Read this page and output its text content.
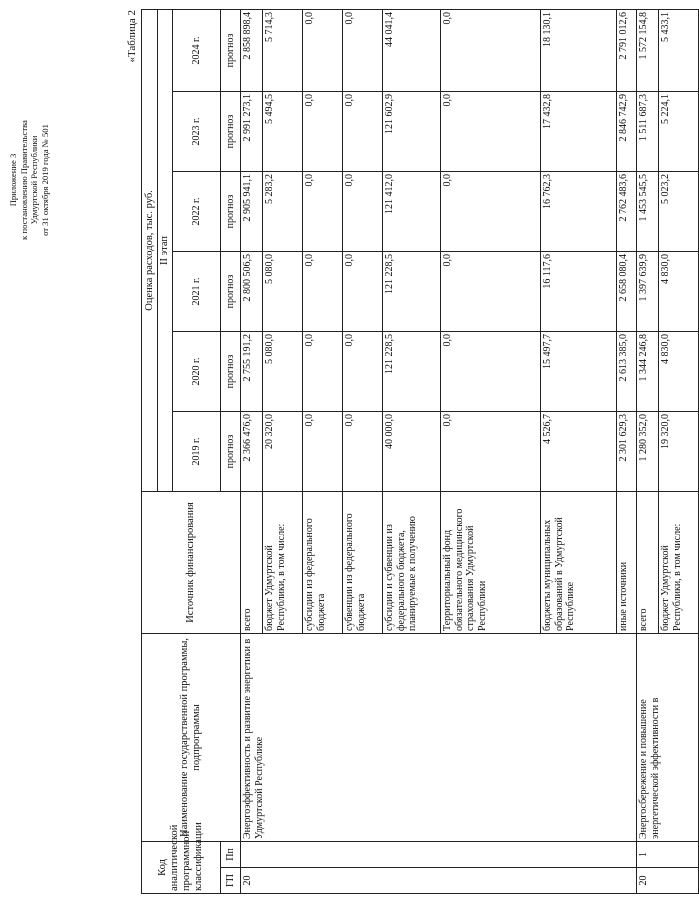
Приложение 3 к постановлению Правительства Удмуртской Республики от 31 октября 2019 года № 501
«Таблица 2
Код аналитической программной классификации		Наименование государственной программы, подпрограммы	Источник финансирования	Оценка расходов, тыс. руб.					
				II этап					
				2019 г.	2020 г.	2021 г.	2022 г.	2023 г.	2024 г.
ГП	Пп			прогноз	прогноз	прогноз	прогноз	прогноз	прогноз
20		Энергоэффективность и развитие энергетики в Удмуртской Республике	всего	2 366 476,0	2 755 191,2	2 800 506,5	2 905 941,1	2 991 273,1	2 858 898,4
			бюджет Удмуртской Республики, в том числе:	20 320,0	5 080,0	5 080,0	5 283,2	5 494,5	5 714,3
			субсидии из федерального бюджета	0,0	0,0	0,0	0,0	0,0	0,0
			субвенции из федерального бюджета	0,0	0,0	0,0	0,0	0,0	0,0
			субсидии и субвенции из федерального бюджета, планируемые к получению	40 000,0	121 228,5	121 228,5	121 412,0	121 602,9	44 041,4
			Территориальный фонд обязательного медицинского страхования Удмуртской Республики	0,0	0,0	0,0	0,0	0,0	0,0
			бюджеты муниципальных образований в Удмуртской Республике	4 526,7	15 497,7	16 117,6	16 762,3	17 432,8	18 130,1
			иные источники	2 301 629,3	2 613 385,0	2 658 080,4	2 762 483,6	2 846 742,9	2 791 012,6
20	1	Энергосбережение и повышение энергетической эффективности в	всего	1 280 352,0	1 344 246,8	1 397 639,9	1 453 545,5	1 511 687,3	1 572 154,8
			бюджет Удмуртской Республики, в том числе:	19 320,0	4 830,0	4 830,0	5 023,2	5 224,1	5 433,1
